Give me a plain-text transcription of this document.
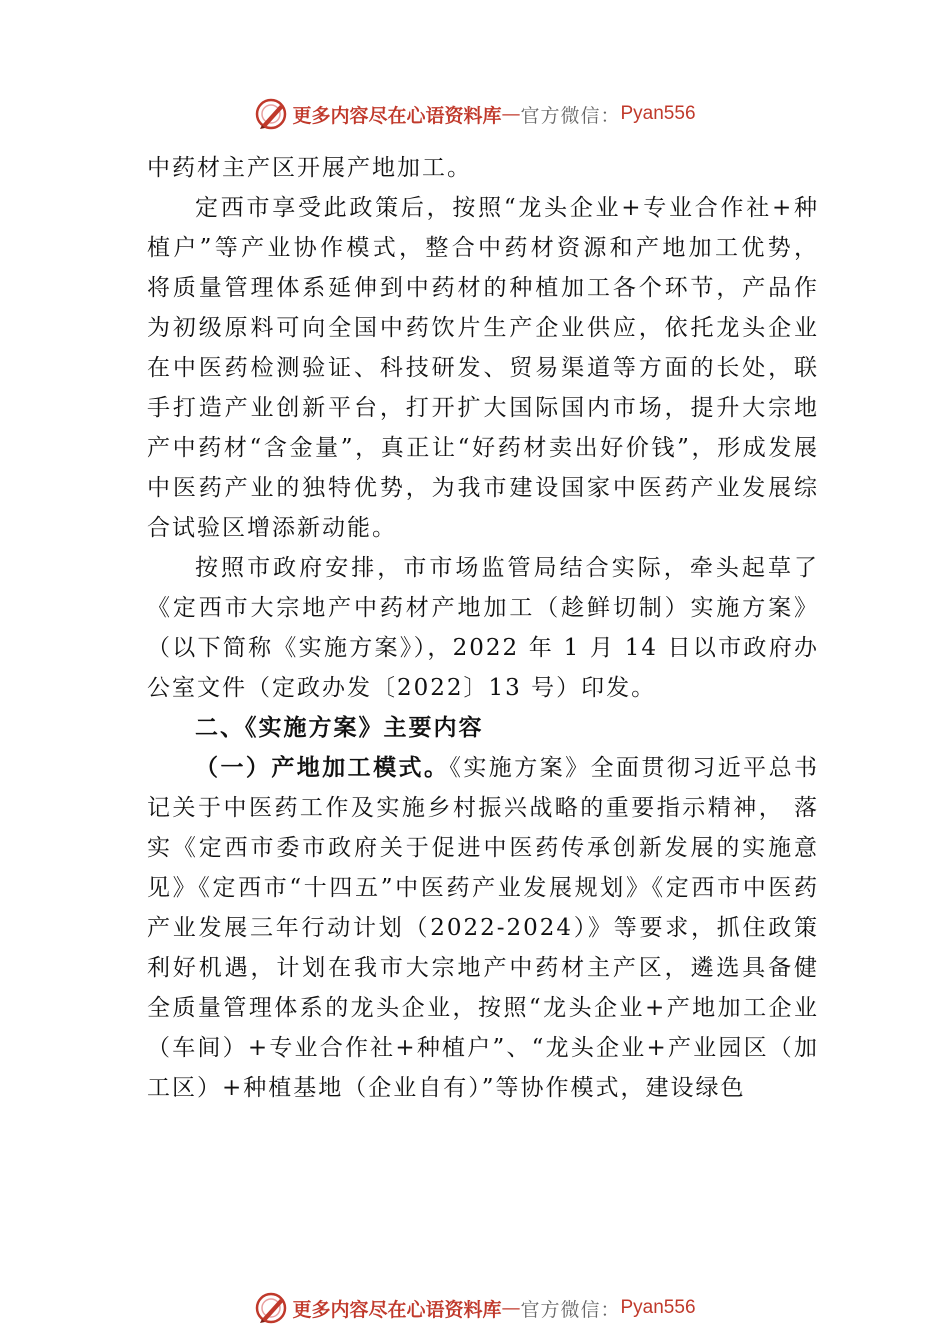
更多内容尽在心语资料库 — 官方微信： Pyan556

中药材主产区开展产地加工。

定西市享受此政策后，按照“龙头企业+专业合作社+种植户”等产业协作模式，整合中药材资源和产地加工优势， 将质量管理体系延伸到中药材的种植加工各个环节，产品作为初级原料可向全国中药饮片生产企业供应，依托龙头企业在中医药检测验证、科技研发、贸易渠道等方面的长处，联手打造产业创新平台，打开扩大国际国内市场，提升大宗地产中药材“含金量”，真正让“好药材卖出好价钱”，形成发展中医药产业的独特优势，为我市建设国家中医药产业发展综合试验区增添新动能。

按照市政府安排，市市场监管局结合实际，牵头起草了《定西市大宗地产中药材产地加工（趁鲜切制）实施方案》（以下简称《实施方案》），2022 年 1 月 14 日以市政府办公室文件（定政办发〔2022〕13 号）印发。

二、《实施方案》主要内容

（一）产地加工模式。《实施方案》全面贯彻习近平总书记关于中医药工作及实施乡村振兴战略的重要指示精神， 落实《定西市委市政府关于促进中医药传承创新发展的实施意见》《定西市“十四五”中医药产业发展规划》《定西市中医药产业发展三年行动计划（2022-2024）》等要求，抓住政策利好机遇，计划在我市大宗地产中药材主产区，遴选具备健全质量管理体系的龙头企业，按照“龙头企业+产地加工企业（车间）+专业合作社+种植户”、“龙头企业+产业园区（加工区）+种植基地（企业自有）”等协作模式，建设绿色

更多内容尽在心语资料库 — 官方微信： Pyan556
